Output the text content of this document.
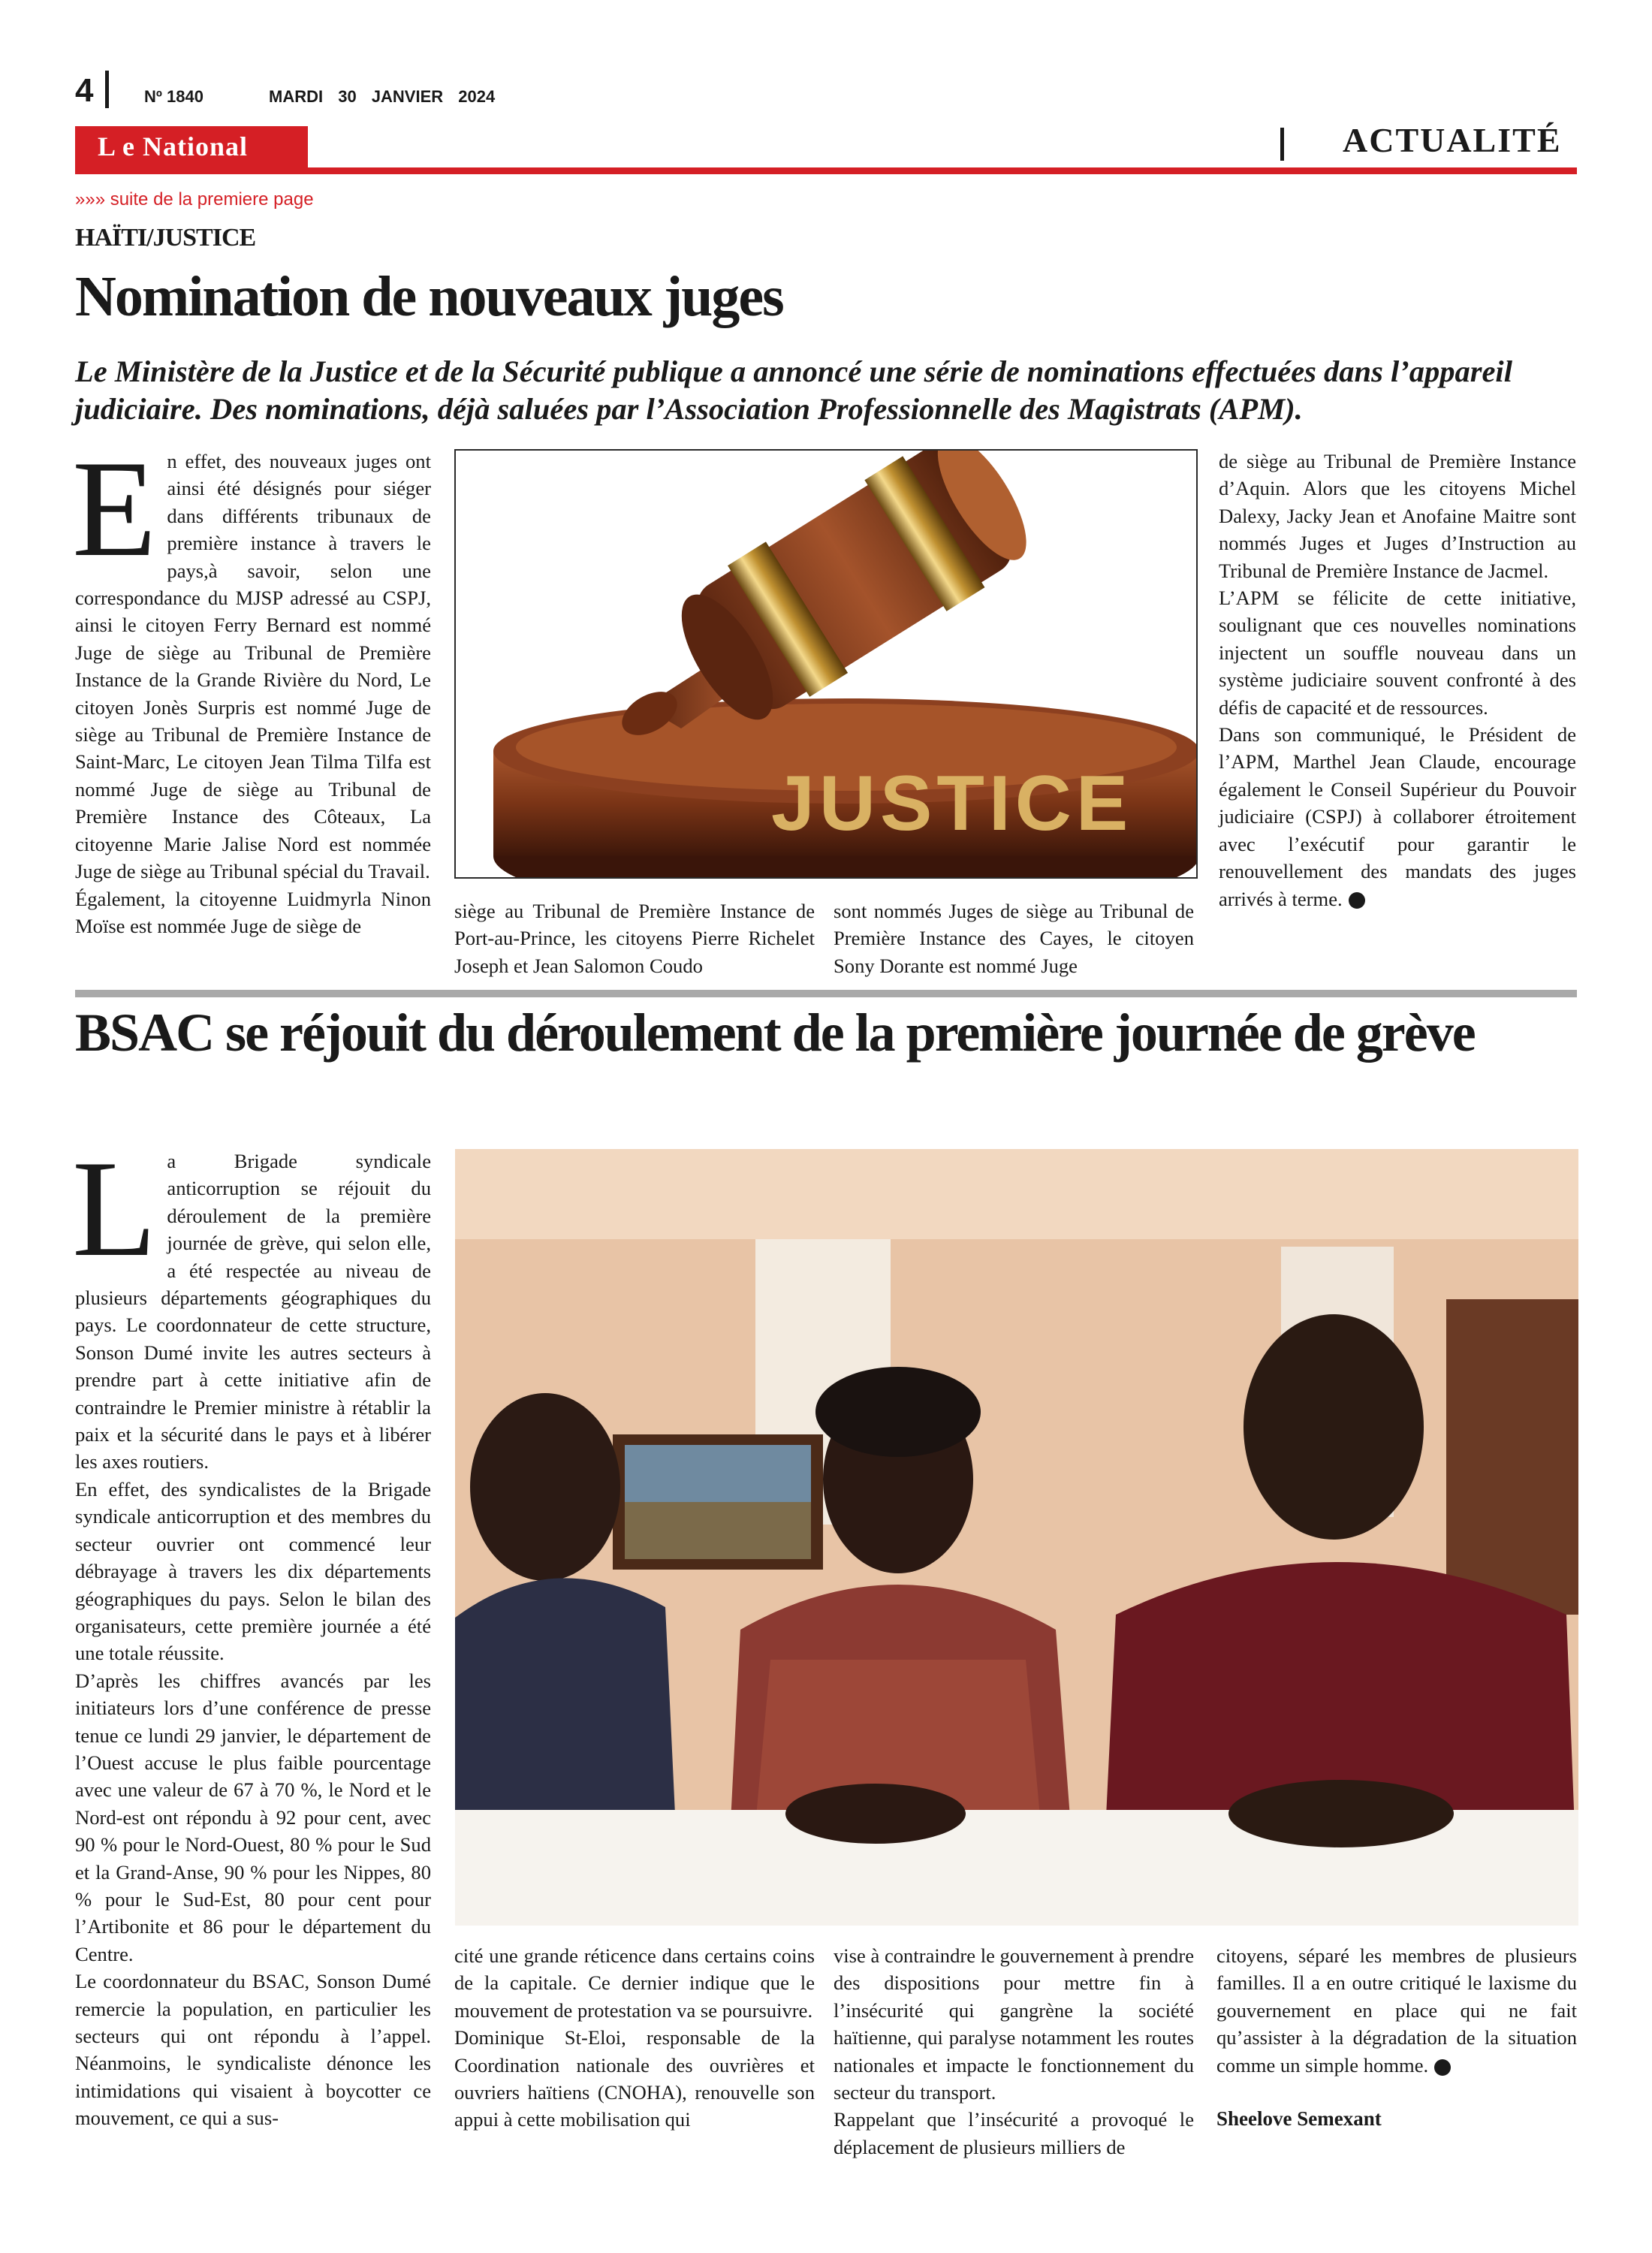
4	Nº 1840	MARDI 30 JANVIER 2024
L e National	ACTUALITÉ
»»» suite de la premiere page
HAÏTI/JUSTICE
Nomination de nouveaux juges
Le Ministère de la Justice et de la Sécurité publique a annoncé une série de nominations effectuées dans l’appareil judiciaire. Des nominations, déjà saluées par l’Association Professionnelle des Magistrats (APM).

E n effet, des nouveaux juges ont ainsi été désignés pour siéger dans différents tribunaux de première instance à travers le pays,à savoir, selon une correspondance du MJSP adressé au CSPJ, ainsi le citoyen Ferry Bernard est nommé Juge de siège au Tribunal de Première Instance de la Grande Rivière du Nord, Le citoyen Jonès Surpris est nommé Juge de siège au Tribunal de Première Instance de Saint-Marc, Le citoyen Jean Tilma Tilfa est nommé Juge de siège au Tribunal de Première Instance des Côteaux, La citoyenne Marie Jalise Nord est nommée Juge de siège au Tribunal spécial du Travail.

Également, la citoyenne Luidmyrla Ninon Moïse est nommée Juge de siège de

JUSTICE

siège au Tribunal de Première Instance de Port-au-Prince, les citoyens Pierre Richelet Joseph et Jean Salomon Coudo

sont nommés Juges de siège au Tribunal de Première Instance des Cayes, le citoyen Sony Dorante est nommé Juge

de siège au Tribunal de Première Instance d’Aquin. Alors que les citoyens Michel Dalexy, Jacky Jean et Anofaine Maitre sont nommés Juges et Juges d’Instruction au Tribunal de Première Instance de Jacmel.

L’APM se félicite de cette initiative, soulignant que ces nouvelles nominations injectent un souffle nouveau dans un système judiciaire souvent confronté à des défis de capacité et de ressources.

Dans son communiqué, le Président de l’APM, Marthel Jean Claude, encourage également le Conseil Supérieur du Pouvoir judiciaire (CSPJ) à collaborer étroitement avec l’exécutif pour garantir le renouvellement des mandats des juges arrivés à terme.

BSAC se réjouit du déroulement de la première journée de grève

L a Brigade syndicale anticorruption se réjouit du déroulement de la première journée de grève, qui selon elle, a été respectée au niveau de plusieurs départements géographiques du pays. Le coordonnateur de cette structure, Sonson Dumé invite les autres secteurs à prendre part à cette initiative afin de contraindre le Premier ministre à rétablir la paix et la sécurité dans le pays et à libérer les axes routiers.

En effet, des syndicalistes de la Brigade syndicale anticorruption et des membres du secteur ouvrier ont commencé leur débrayage à travers les dix départements géographiques du pays. Selon le bilan des organisateurs, cette première journée a été une totale réussite.

D’après les chiffres avancés par les initiateurs lors d’une conférence de presse tenue ce lundi 29 janvier, le département de l’Ouest accuse le plus faible pourcentage avec une valeur de 67 à 70 %, le Nord et le Nord-est ont répondu à 92 pour cent, avec 90 % pour le Nord-Ouest, 80 % pour le Sud et la Grand-Anse, 90 % pour les Nippes, 80 % pour le Sud-Est, 80 pour cent pour l’Artibonite et 86 pour le département du Centre.

Le coordonnateur du BSAC, Sonson Dumé remercie la population, en particulier les secteurs qui ont répondu à l’appel. Néanmoins, le syndicaliste dénonce les intimidations qui visaient à boycotter ce mouvement, ce qui a sus-

cité une grande réticence dans certains coins de la capitale. Ce dernier indique que le mouvement de protestation va se poursuivre.

Dominique St-Eloi, responsable de la Coordination nationale des ouvrières et ouvriers haïtiens (CNOHA), renouvelle son appui à cette mobilisation qui

vise à contraindre le gouvernement à prendre des dispositions pour mettre fin à l’insécurité qui gangrène la société haïtienne, qui paralyse notamment les routes nationales et impacte le fonctionnement du secteur du transport.

Rappelant que l’insécurité a provoqué le déplacement de plusieurs milliers de

citoyens, séparé les membres de plusieurs familles. Il a en outre critiqué le laxisme du gouvernement en place qui ne fait qu’assister à la dégradation de la situation comme un simple homme.

Sheelove Semexant
